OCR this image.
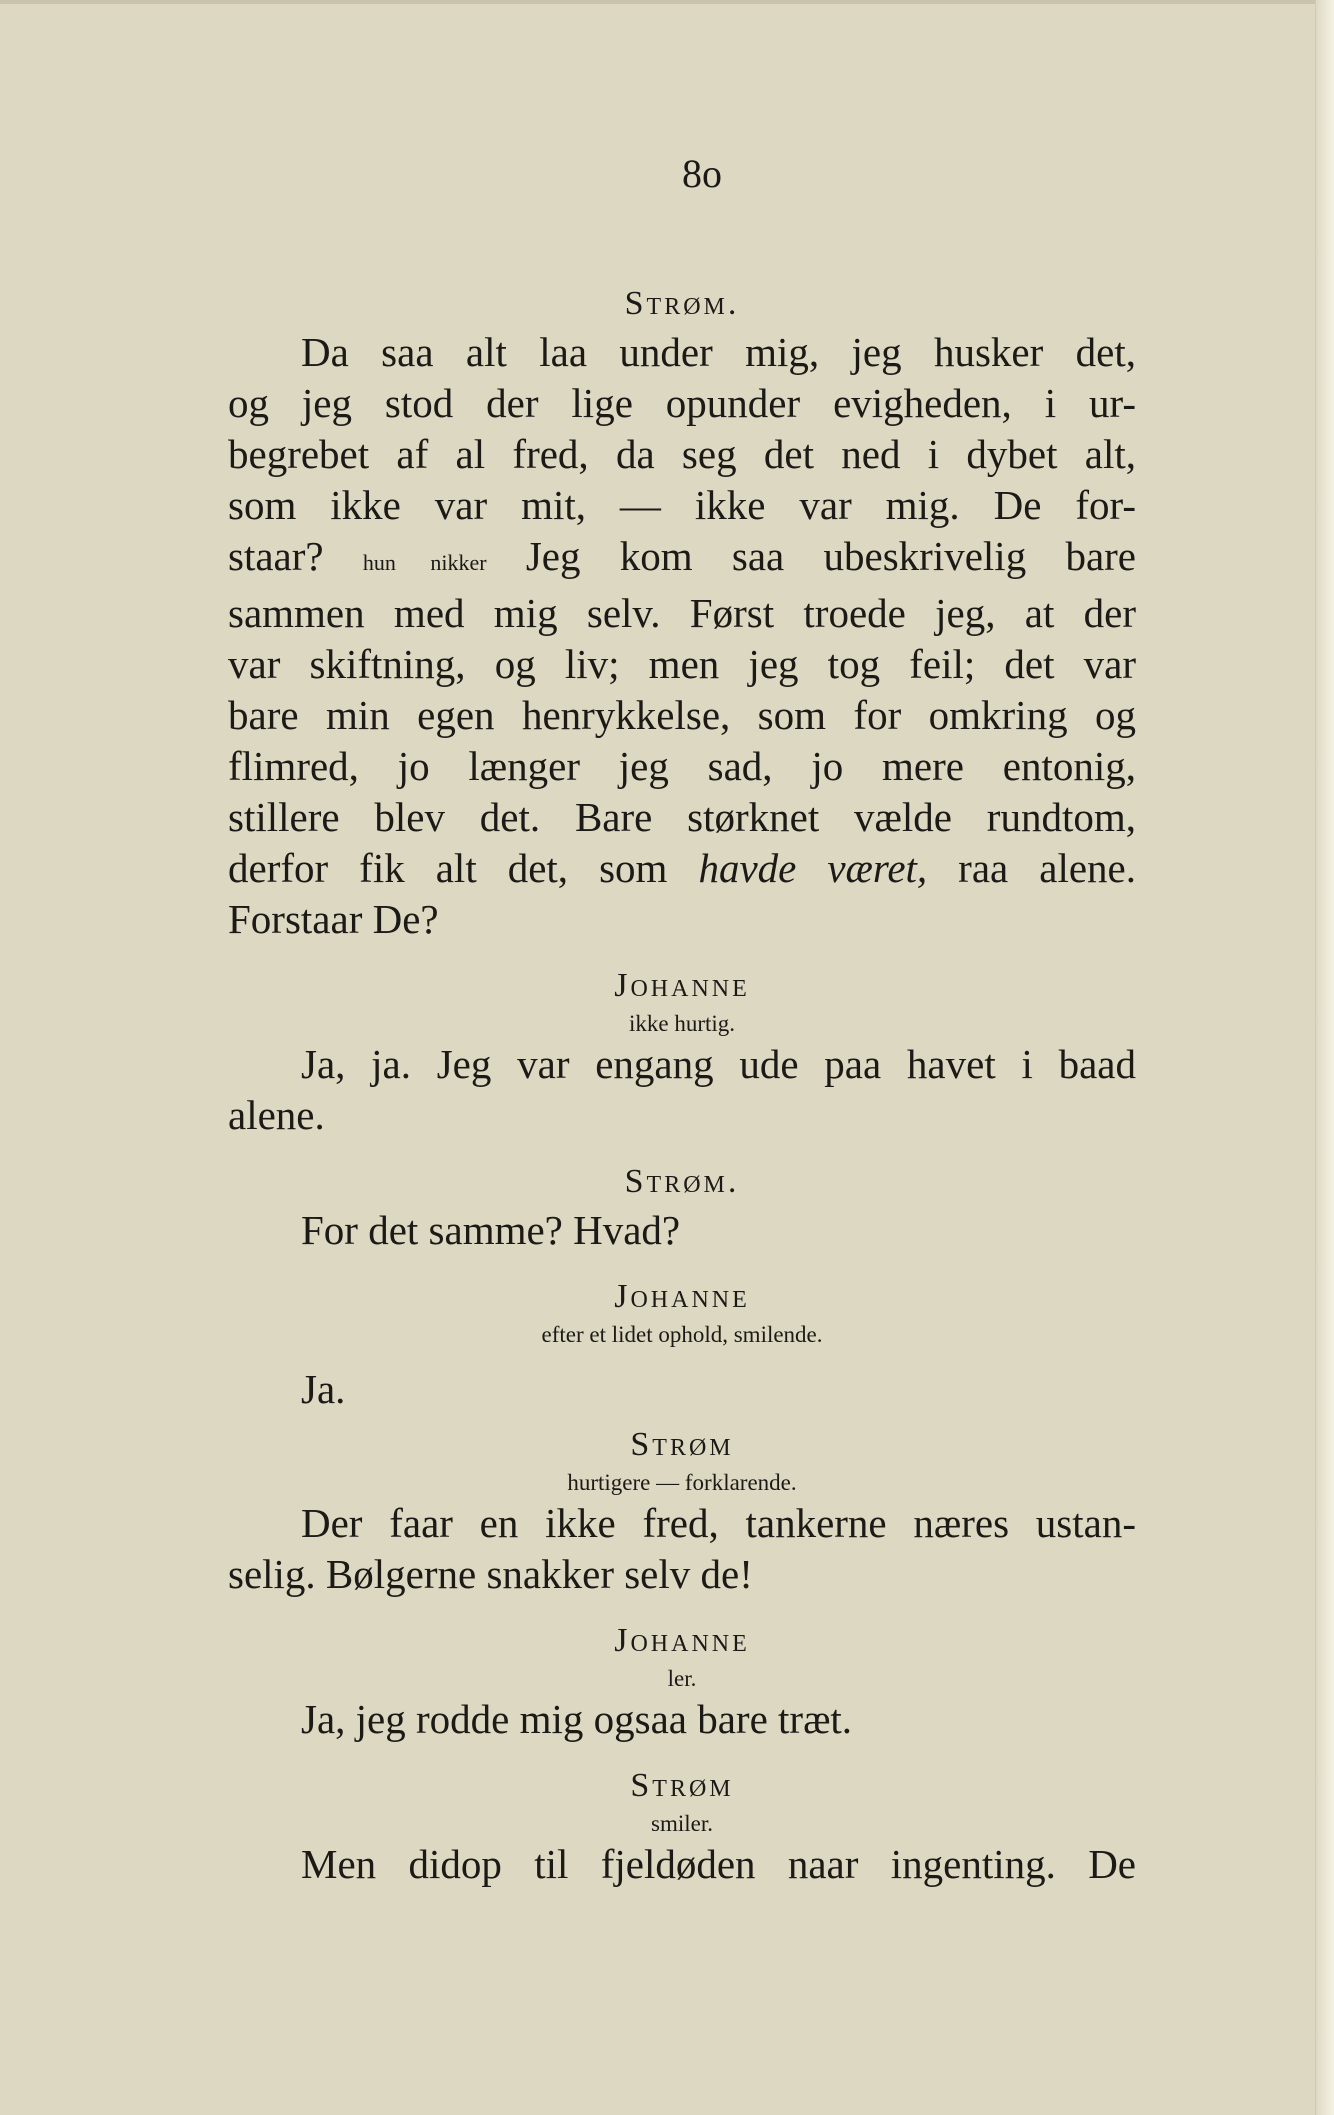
8o
Strøm.

Da saa alt laa under mig, jeg husker det,

og jeg stod der lige opunder evigheden, i ur-

begrebet af al fred, da seg det ned i dybet alt,

som ikke var mit, — ikke var mig. De for-

staar? hun nikker Jeg kom saa ubeskrivelig bare

sammen med mig selv. Først troede jeg, at der

var skiftning, og liv; men jeg tog feil; det var

bare min egen henrykkelse, som for omkring og

flimred, jo længer jeg sad, jo mere entonig,

stillere blev det. Bare størknet vælde rundtom,

derfor fik alt det, som havde været, raa alene.

Forstaar De?

Johanne

ikke hurtig.

Ja, ja. Jeg var engang ude paa havet i baad

alene.

Strøm.

For det samme? Hvad?

Johanne

efter et lidet ophold, smilende.

Ja.

Strøm

hurtigere — forklarende.

Der faar en ikke fred, tankerne næres ustan-

selig. Bølgerne snakker selv de!

Johanne

ler.

Ja, jeg rodde mig ogsaa bare træt.

Strøm

smiler.

Men didop til fjeldøden naar ingenting. De
